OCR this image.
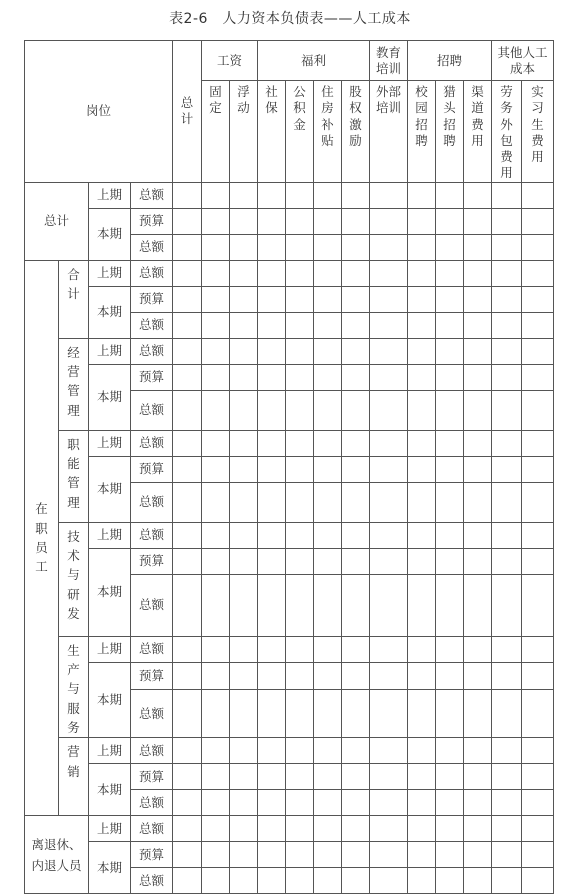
表2-6　人力资本负债表——人工成本
岗位				总计	工资		福利				教育培训	招聘			其他人工成本	
					固定	浮动	社保	公积金	住房补贴	股权激励	外部培训	校园招聘	猎头招聘	渠道费用	劳务外包费用	实习生费用
总计		上期	总额													
		本期	预算													
			总额													
在职员工	合计	上期	总额													
		本期	预算													
			总额													
	经营管理	上期	总额													
		本期	预算													
			总额													
	职能管理	上期	总额													
		本期	预算													
			总额													
	技术与研发	上期	总额													
		本期	预算													
			总额													
	生产与服务	上期	总额													
		本期	预算													
			总额													
	营销	上期	总额													
		本期	预算													
			总额													
离退休、内退人员		上期	总额													
		本期	预算													
			总额													
